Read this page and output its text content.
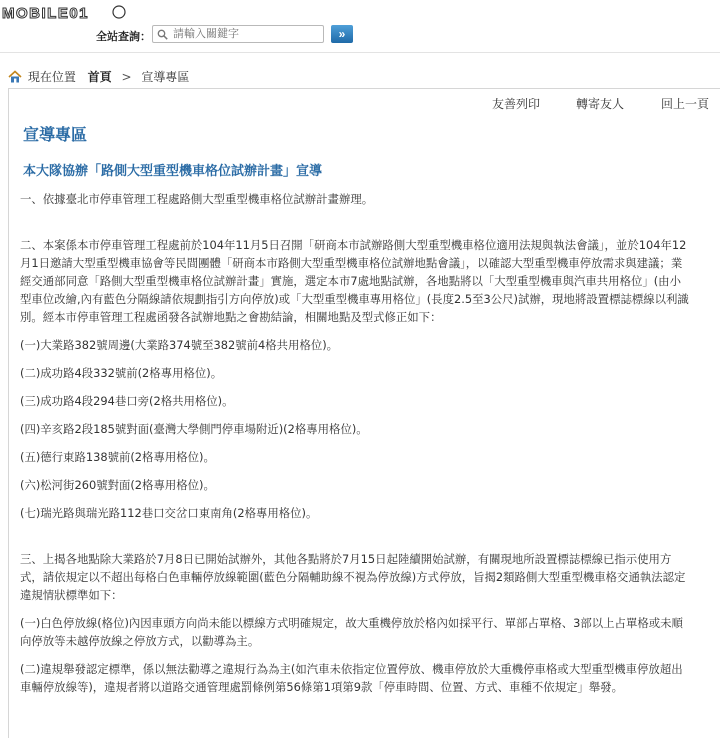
MOBILE01
全站查詢：
請輸入關鍵字	»
現在位置 首頁 > 宣導專區
友善列印	轉寄友人	回上一頁
宣導專區
本大隊協辦「路側大型重型機車格位試辦計畫」宣導

一、依據臺北市停車管理工程處路側大型重型機車格位試辦計畫辦理。

二、本案係本市停車管理工程處前於104年11月5日召開「研商本市試辦路側大型重型機車格位適用法規與執法會議」，並於104年12月1日邀請大型重型機車協會等民間團體「研商本市路側大型重型機車格位試辦地點會議」，以確認大型重型機車停放需求與建議；業經交通部同意「路側大型重型機車格位試辦計畫」實施，選定本市7處地點試辦，各地點將以「大型重型機車與汽車共用格位」(由小型車位改繪,內有藍色分隔線請依規劃指引方向停放)或「大型重型機車專用格位」(長度2.5至3公尺)試辦，現地將設置標誌標線以利識別。經本市停車管理工程處函發各試辦地點之會勘結論，相關地點及型式修正如下：

(一)大業路382號周邊(大業路374號至382號前4格共用格位)。

(二)成功路4段332號前(2格專用格位)。

(三)成功路4段294巷口旁(2格共用格位)。

(四)辛亥路2段185號對面(臺灣大學側門停車場附近)(2格專用格位)。

(五)德行東路138號前(2格專用格位)。

(六)松河街260號對面(2格專用格位)。

(七)瑞光路與瑞光路112巷口交岔口東南角(2格專用格位)。

三、上揭各地點除大業路於7月8日已開始試辦外，其他各點將於7月15日起陸續開始試辦，有關現地所設置標誌標線已指示使用方式，請依規定以不超出每格白色車輛停放線範圍(藍色分隔輔助線不視為停放線)方式停放，旨揭2類路側大型重型機車格交通執法認定違規情狀標準如下：

(一)白色停放線(格位)內因車頭方向尚未能以標線方式明確規定，故大重機停放於格內如採平行、單部占單格、3部以上占單格或未順向停放等未越停放線之停放方式，以勸導為主。

(二)違規舉發認定標準，係以無法勸導之違規行為為主(如汽車未依指定位置停放、機車停放於大重機停車格或大型重型機車停放超出車輛停放線等)，違規者將以道路交通管理處罰條例第56條第1項第9款「停車時間、位置、方式、車種不依規定」舉發。
